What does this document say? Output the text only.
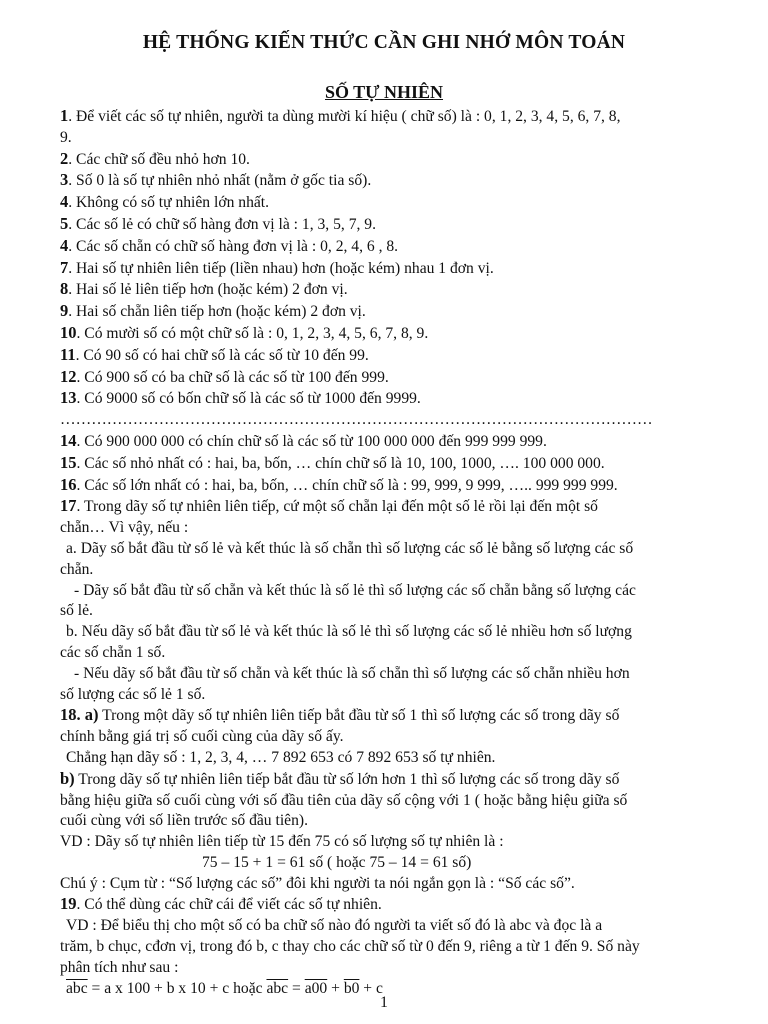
HỆ THỐNG KIẾN THỨC CẦN GHI NHỚ MÔN TOÁN
SỐ TỰ NHIÊN
1. Để viết các số tự nhiên, người ta dùng mười kí hiệu ( chữ số) là : 0, 1, 2, 3, 4, 5, 6, 7, 8,
9.
2. Các chữ số đều nhỏ hơn 10.
3. Số 0 là số tự nhiên nhỏ nhất (nằm ở gốc tia số).
4. Không có số tự nhiên lớn nhất.
5. Các số lẻ có chữ số hàng đơn vị là : 1, 3, 5, 7, 9.
4. Các số chẵn có chữ số hàng đơn vị là : 0, 2, 4, 6 , 8.
7. Hai số tự nhiên liên tiếp (liền nhau) hơn (hoặc kém) nhau 1 đơn vị.
8. Hai số lẻ liên tiếp hơn (hoặc kém) 2 đơn vị.
9. Hai số chẵn liên tiếp hơn (hoặc kém) 2 đơn vị.
10. Có mười số có một chữ số là : 0, 1, 2, 3, 4, 5, 6, 7, 8, 9.
11. Có 90 số có hai chữ số là các số từ 10 đến 99.
12. Có 900 số có ba chữ số là các số từ 100 đến 999.
13. Có 9000 số có bốn chữ số là các số từ 1000 đến 9999.
……………………………………………………………………………………………………
14. Có 900 000 000 có chín chữ số là các số từ 100 000 000 đến 999 999 999.
15. Các số nhỏ nhất có : hai, ba, bốn, … chín chữ số là 10, 100, 1000, …. 100 000 000.
16. Các số lớn nhất có : hai, ba, bốn, … chín chữ số là : 99, 999, 9 999, ….. 999 999 999.
17. Trong dãy số tự nhiên liên tiếp, cứ một số chẵn lại đến một số lẻ rồi lại đến một số
chẵn… Vì vậy, nếu :
a. Dãy số bắt đầu từ số lẻ và kết thúc là số chẵn thì số lượng các số lẻ bằng số lượng các số
chẵn.
- Dãy số bắt đầu từ số chẵn và kết thúc là số lẻ thì số lượng các số chẵn bằng số lượng các
số lẻ.
b. Nếu dãy số bắt đầu từ số lẻ và kết thúc là số lẻ thì số lượng các số lẻ nhiều hơn số lượng
các số chẵn 1 số.
- Nếu dãy số bắt đầu từ số chẵn và kết thúc là số chẵn thì số lượng các số chẵn nhiều hơn
số lượng các số lẻ 1 số.
18. a) Trong một dãy số tự nhiên liên tiếp bắt đầu từ số 1 thì số lượng các số trong dãy số
chính bằng giá trị số cuối cùng của dãy số ấy.
Chẳng hạn dãy số : 1, 2, 3, 4, … 7 892 653 có 7 892 653 số tự nhiên.
b) Trong dãy số tự nhiên liên tiếp bắt đầu từ số lớn hơn 1 thì số lượng các số trong dãy số
bằng hiệu giữa số cuối cùng với số đầu tiên của dãy số cộng với 1 ( hoặc bằng hiệu giữa số
cuối cùng với số liền trước số đầu tiên).
VD : Dãy số tự nhiên liên tiếp từ 15 đến 75 có số lượng số tự nhiên là :
75 – 15 + 1 = 61 số ( hoặc 75 – 14 = 61 số)
Chú ý : Cụm từ : “Số lượng các số” đôi khi người ta nói ngắn gọn là : “Số các số”.
19. Có thể dùng các chữ cái để viết các số tự nhiên.
VD : Để biểu thị cho một số có ba chữ số nào đó người ta viết số đó là abc và đọc là a
trăm, b chục, cđơn vị, trong đó b, c thay cho các chữ số từ 0 đến 9, riêng a từ 1 đến 9. Số này
phân tích như sau :
$\overline{abc} = a$ x 100 + b x 10 + c hoặc $\overline{abc} = a00 + b0 + c$
1
